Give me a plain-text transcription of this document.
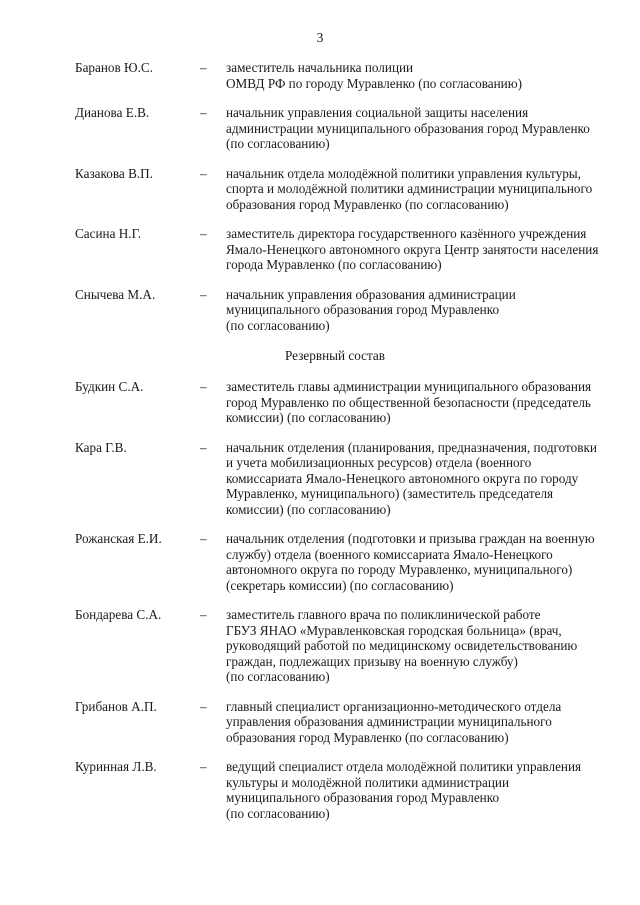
3
Баранов Ю.С.	– заместитель начальника полиции
ОМВД РФ по городу Муравленко (по согласованию)
Дианова Е.В.	– начальник управления социальной защиты населения
администрации муниципального образования город Муравленко
(по согласованию)
Казакова В.П.	– начальник отдела молодёжной политики управления культуры,
спорта и молодёжной политики администрации муниципального
образования город Муравленко (по согласованию)
Сасина Н.Г.	– заместитель директора государственного казённого учреждения
Ямало-Ненецкого автономного округа Центр занятости населения
города Муравленко (по согласованию)
Снычева М.А.	– начальник управления образования администрации
муниципального образования город Муравленко
(по согласованию)
Резервный состав
Будкин С.А.	– заместитель главы администрации муниципального образования
город Муравленко по общественной безопасности (председатель
комиссии) (по согласованию)
Кара Г.В.	– начальник отделения (планирования, предназначения, подготовки
и учета мобилизационных ресурсов) отдела (военного
комиссариата Ямало-Ненецкого автономного округа по городу
Муравленко, муниципального) (заместитель председателя
комиссии) (по согласованию)
Рожанская Е.И.	– начальник отделения (подготовки и призыва граждан на военную
службу) отдела (военного комиссариата Ямало-Ненецкого
автономного округа по городу Муравленко, муниципального)
(секретарь комиссии) (по согласованию)
Бондарева С.А.	– заместитель главного врача по поликлинической работе
ГБУЗ ЯНАО «Муравленковская городская больница» (врач,
руководящий работой по медицинскому освидетельствованию
граждан, подлежащих призыву на военную службу)
(по согласованию)
Грибанов А.П.	– главный специалист организационно-методического отдела
управления образования администрации муниципального
образования город Муравленко (по согласованию)
Куринная Л.В.	– ведущий специалист отдела молодёжной политики управления
культуры и молодёжной политики администрации
муниципального образования город Муравленко
(по согласованию)
